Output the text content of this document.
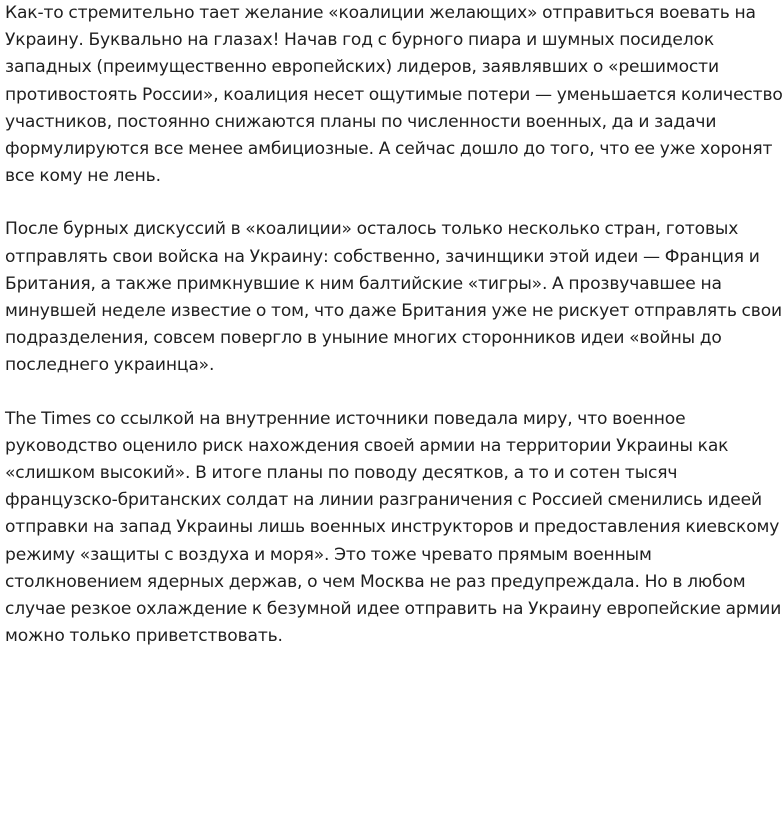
Как-то стремительно тает желание «коалиции желающих» отправиться воевать на Украину. Буквально на глазах! Начав год с бурного пиара и шумных посиделок западных (преимущественно европейских) лидеров, заявлявших о «решимости противостоять России», коалиция несет ощутимые потери — уменьшается количество участников, постоянно снижаются планы по численности военных, да и задачи формулируются все менее амбициозные. А сейчас дошло до того, что ее уже хоронят все кому не лень.

После бурных дискуссий в «коалиции» осталось только несколько стран, готовых отправлять свои войска на Украину: собственно, зачинщики этой идеи — Франция и Британия, а также примкнувшие к ним балтийские «тигры». А прозвучавшее на минувшей неделе известие о том, что даже Британия уже не рискует отправлять свои подразделения, совсем повергло в уныние многих сторонников идеи «войны до последнего украинца».

The Times со ссылкой на внутренние источники поведала миру, что военное руководство оценило риск нахождения своей армии на территории Украины как «слишком высокий». В итоге планы по поводу десятков, а то и сотен тысяч французско-британских солдат на линии разграничения с Россией сменились идеей отправки на запад Украины лишь военных инструкторов и предоставления киевскому режиму «защиты с воздуха и моря». Это тоже чревато прямым военным столкновением ядерных держав, о чем Москва не раз предупреждала. Но в любом случае резкое охлаждение к безумной идее отправить на Украину европейские армии можно только приветствовать.
